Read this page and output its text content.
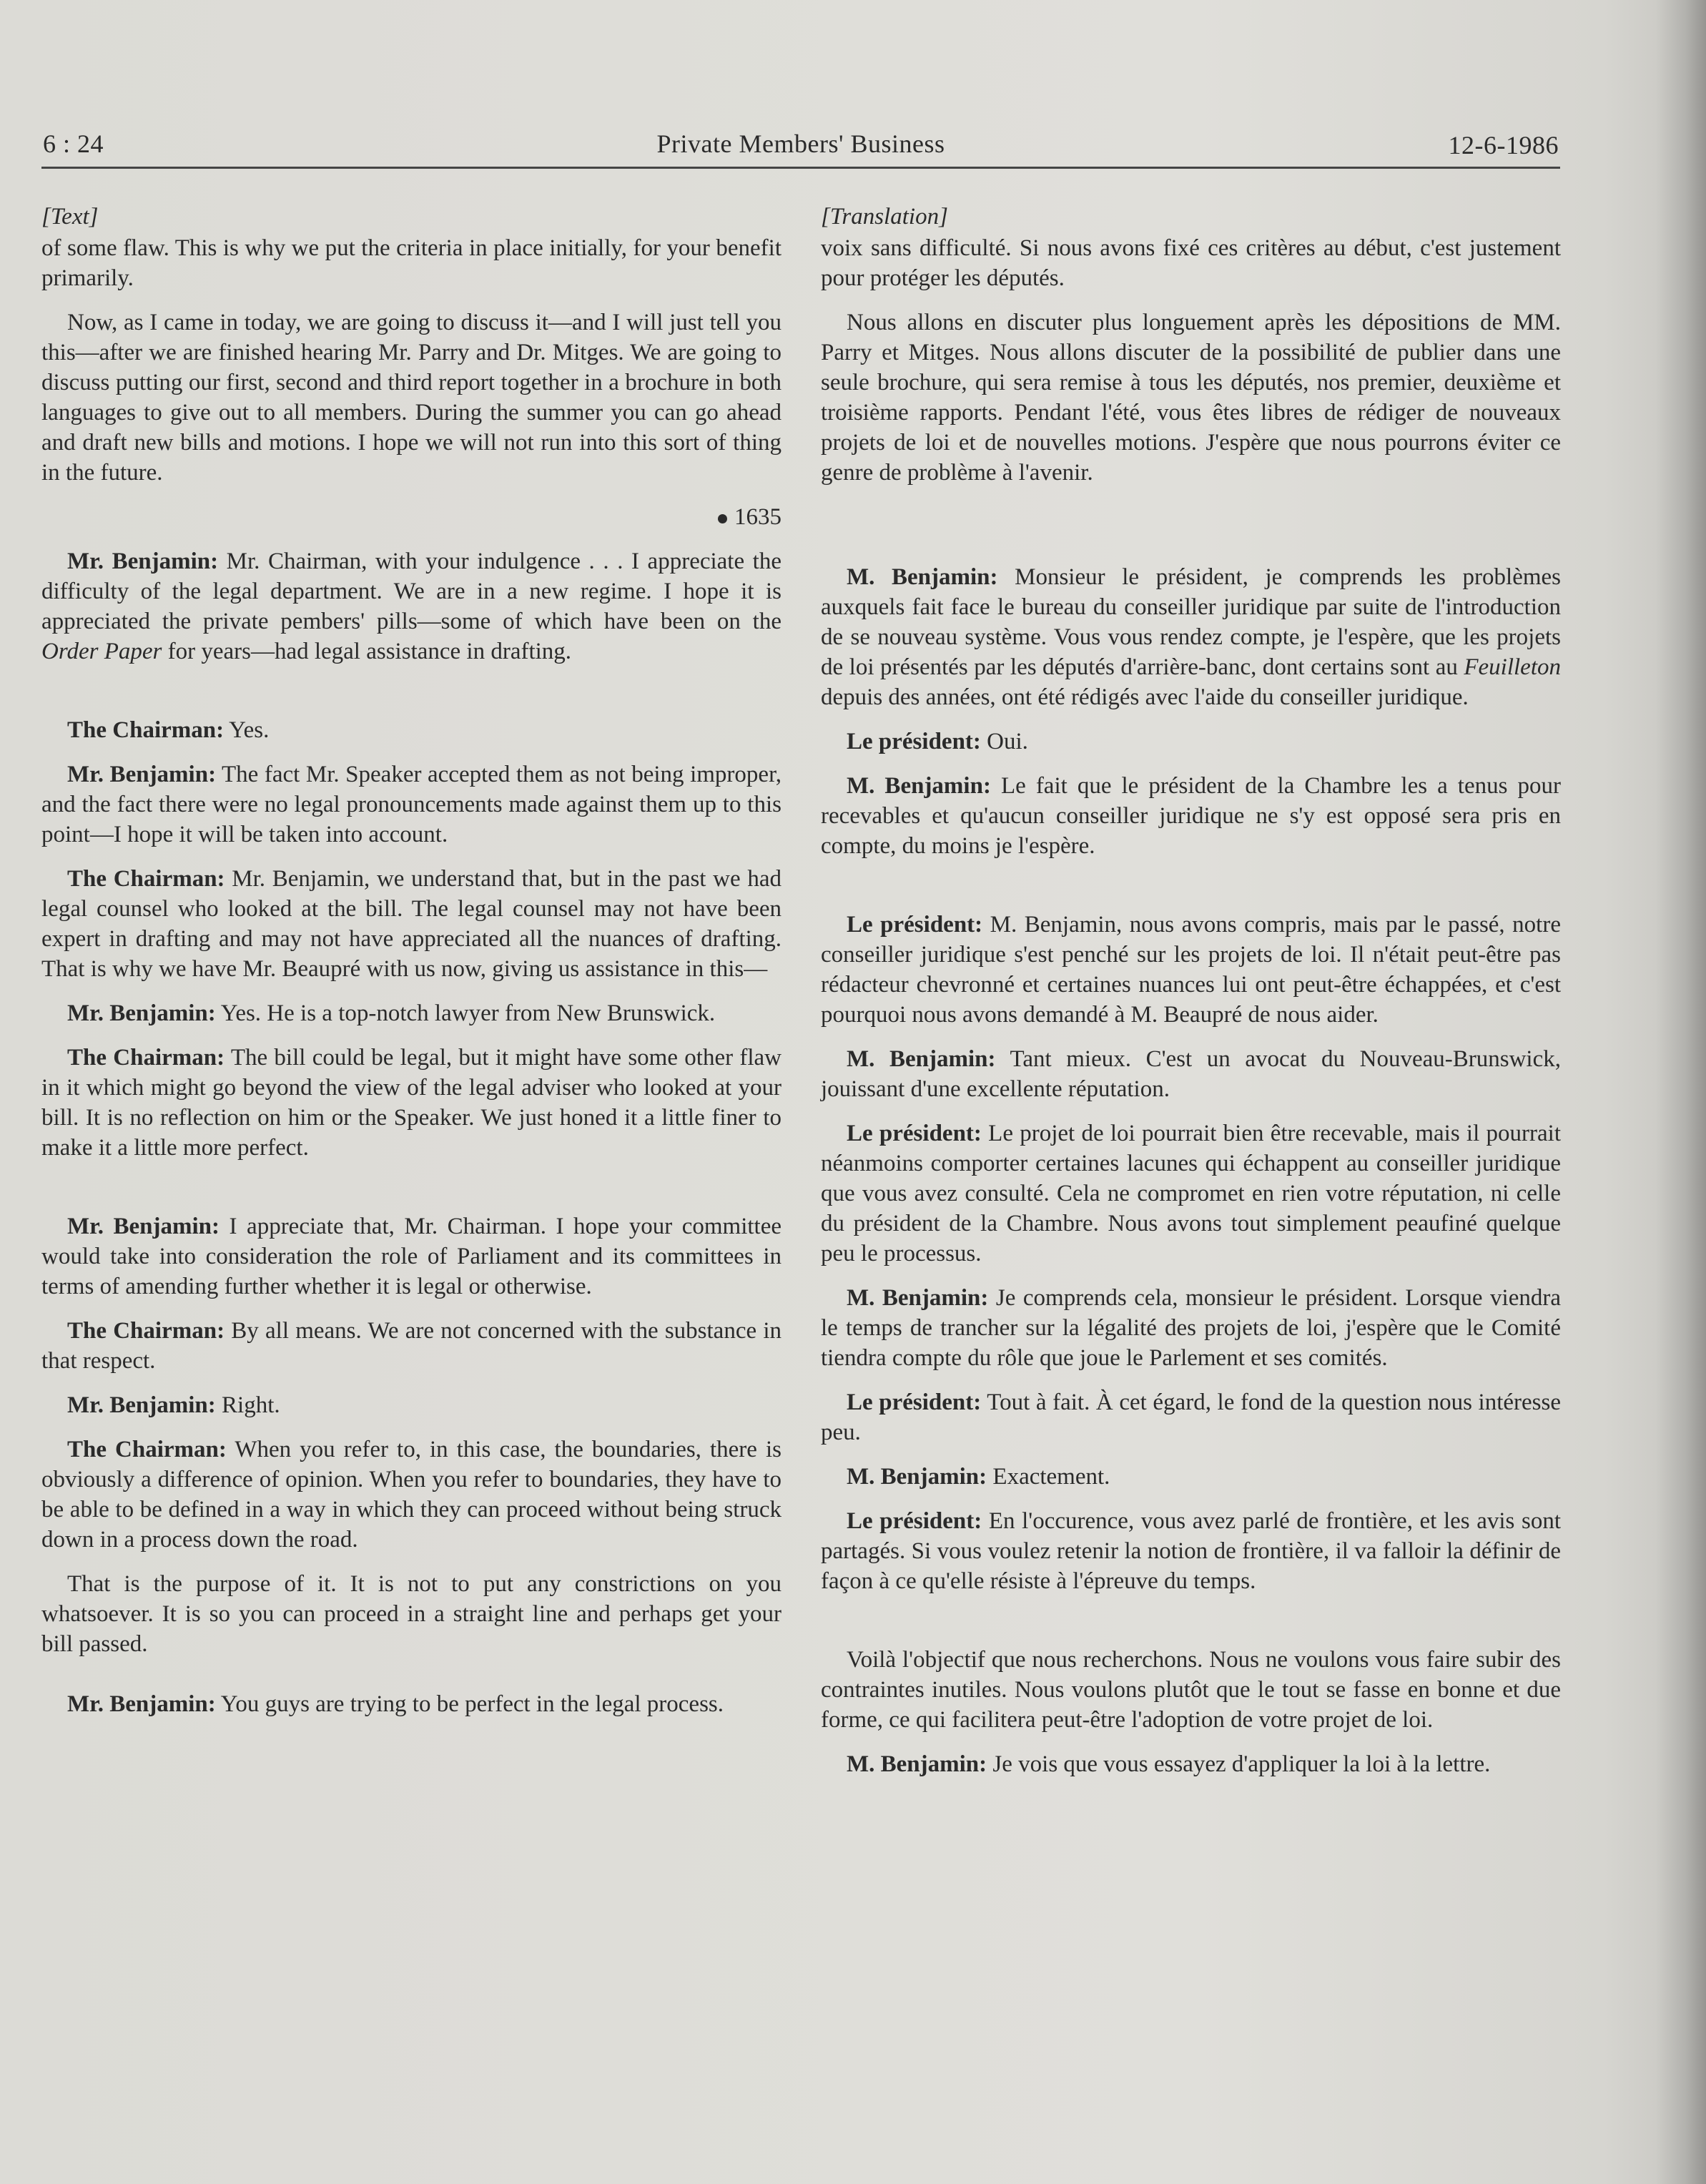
6 : 24	Private Members' Business	12-6-1986
[Text]

of some flaw. This is why we put the criteria in place initially, for your benefit primarily.

Now, as I came in today, we are going to discuss it—and I will just tell you this—after we are finished hearing Mr. Parry and Dr. Mitges. We are going to discuss putting our first, second and third report together in a brochure in both languages to give out to all members. During the summer you can go ahead and draft new bills and motions. I hope we will not run into this sort of thing in the future.

1635

Mr. Benjamin: Mr. Chairman, with your indulgence . . . I appreciate the difficulty of the legal department. We are in a new regime. I hope it is appreciated the private pembers' pills—some of which have been on the Order Paper for years—had legal assistance in drafting.

The Chairman: Yes.

Mr. Benjamin: The fact Mr. Speaker accepted them as not being improper, and the fact there were no legal pronouncements made against them up to this point—I hope it will be taken into account.

The Chairman: Mr. Benjamin, we understand that, but in the past we had legal counsel who looked at the bill. The legal counsel may not have been expert in drafting and may not have appreciated all the nuances of drafting. That is why we have Mr. Beaupré with us now, giving us assistance in this—

Mr. Benjamin: Yes. He is a top-notch lawyer from New Brunswick.

The Chairman: The bill could be legal, but it might have some other flaw in it which might go beyond the view of the legal adviser who looked at your bill. It is no reflection on him or the Speaker. We just honed it a little finer to make it a little more perfect.

Mr. Benjamin: I appreciate that, Mr. Chairman. I hope your committee would take into consideration the role of Parliament and its committees in terms of amending further whether it is legal or otherwise.

The Chairman: By all means. We are not concerned with the substance in that respect.

Mr. Benjamin: Right.

The Chairman: When you refer to, in this case, the boundaries, there is obviously a difference of opinion. When you refer to boundaries, they have to be able to be defined in a way in which they can proceed without being struck down in a process down the road.

That is the purpose of it. It is not to put any constrictions on you whatsoever. It is so you can proceed in a straight line and perhaps get your bill passed.

Mr. Benjamin: You guys are trying to be perfect in the legal process.

[Translation]

voix sans difficulté. Si nous avons fixé ces critères au début, c'est justement pour protéger les députés.

Nous allons en discuter plus longuement après les dépositions de MM. Parry et Mitges. Nous allons discuter de la possibilité de publier dans une seule brochure, qui sera remise à tous les députés, nos premier, deuxième et troisième rapports. Pendant l'été, vous êtes libres de rédiger de nouveaux projets de loi et de nouvelles motions. J'espère que nous pourrons éviter ce genre de problème à l'avenir.

M. Benjamin: Monsieur le président, je comprends les problèmes auxquels fait face le bureau du conseiller juridique par suite de l'introduction de se nouveau système. Vous vous rendez compte, je l'espère, que les projets de loi présentés par les députés d'arrière-banc, dont certains sont au Feuilleton depuis des années, ont été rédigés avec l'aide du conseiller juridique.

Le président: Oui.

M. Benjamin: Le fait que le président de la Chambre les a tenus pour recevables et qu'aucun conseiller juridique ne s'y est opposé sera pris en compte, du moins je l'espère.

Le président: M. Benjamin, nous avons compris, mais par le passé, notre conseiller juridique s'est penché sur les projets de loi. Il n'était peut-être pas rédacteur chevronné et certaines nuances lui ont peut-être échappées, et c'est pourquoi nous avons demandé à M. Beaupré de nous aider.

M. Benjamin: Tant mieux. C'est un avocat du Nouveau-Brunswick, jouissant d'une excellente réputation.

Le président: Le projet de loi pourrait bien être recevable, mais il pourrait néanmoins comporter certaines lacunes qui échappent au conseiller juridique que vous avez consulté. Cela ne compromet en rien votre réputation, ni celle du président de la Chambre. Nous avons tout simplement peaufiné quelque peu le processus.

M. Benjamin: Je comprends cela, monsieur le président. Lorsque viendra le temps de trancher sur la légalité des projets de loi, j'espère que le Comité tiendra compte du rôle que joue le Parlement et ses comités.

Le président: Tout à fait. À cet égard, le fond de la question nous intéresse peu.

M. Benjamin: Exactement.

Le président: En l'occurence, vous avez parlé de frontière, et les avis sont partagés. Si vous voulez retenir la notion de frontière, il va falloir la définir de façon à ce qu'elle résiste à l'épreuve du temps.

Voilà l'objectif que nous recherchons. Nous ne voulons vous faire subir des contraintes inutiles. Nous voulons plutôt que le tout se fasse en bonne et due forme, ce qui facilitera peut-être l'adoption de votre projet de loi.

M. Benjamin: Je vois que vous essayez d'appliquer la loi à la lettre.
